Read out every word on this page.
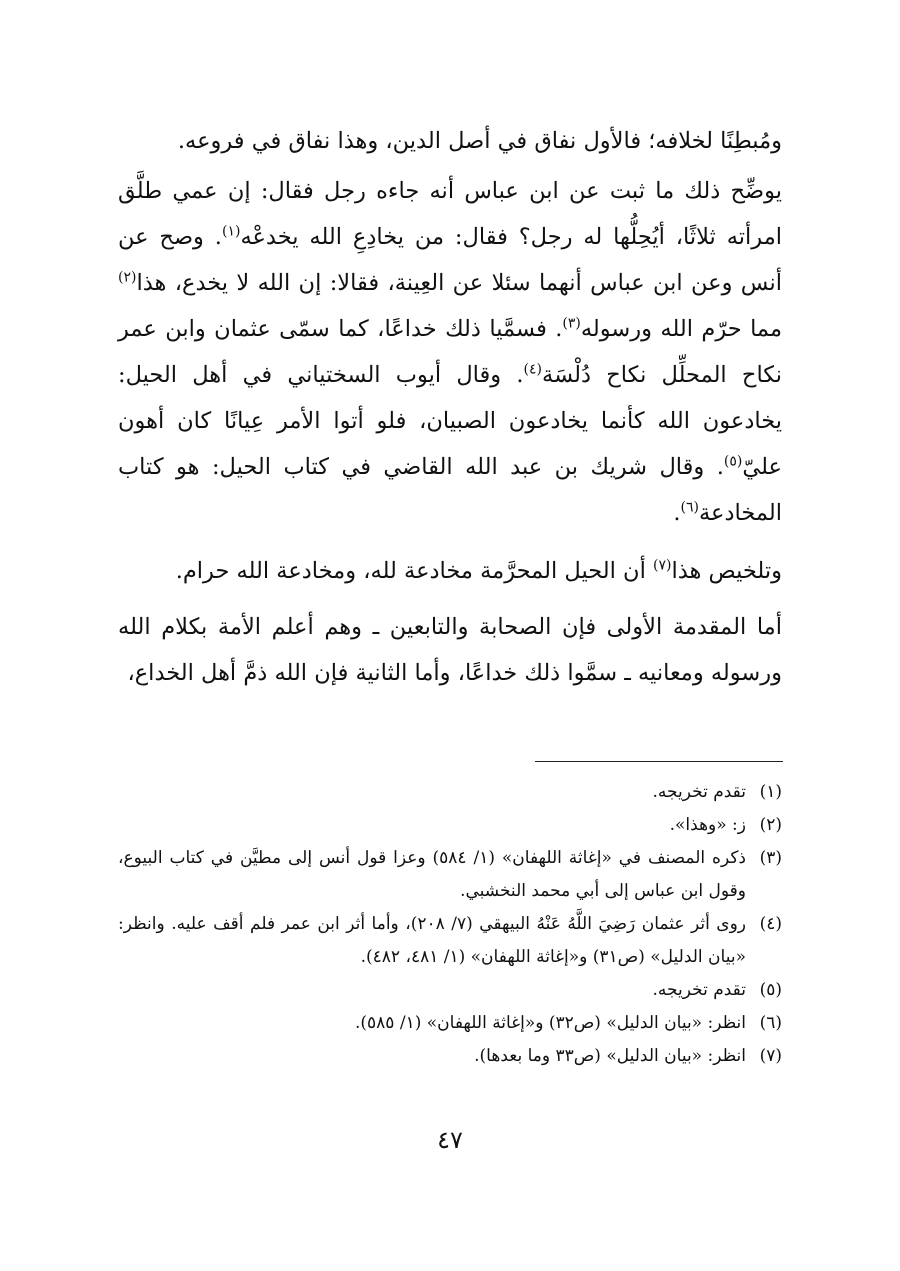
ومُبطِنًا لخلافه؛ فالأول نفاق في أصل الدين، وهذا نفاق في فروعه.

يوضِّح ذلك ما ثبت عن ابن عباس أنه جاءه رجل فقال: إن عمي طلَّق امرأته ثلاثًا، أيُحِلُّها له رجل؟ فقال: من يخادِعِ الله يخدعْه$^{(١)}$. وصح عن أنس وعن ابن عباس أنهما سئلا عن العِينة، فقالا: إن الله لا يخدع، هذا$^{(٢)}$ مما حرّم الله ورسوله$^{(٣)}$. فسمَّيا ذلك خداعًا، كما سمّى عثمان وابن عمر نكاح المحلِّل نكاح دُلْسَة$^{(٤)}$. وقال أيوب السختياني في أهل الحيل: يخادعون الله كأنما يخادعون الصبيان، فلو أتوا الأمر عِيانًا كان أهون عليّ$^{(٥)}$. وقال شريك بن عبد الله القاضي في كتاب الحيل: هو كتاب المخادعة$^{(٦)}$.

وتلخيص هذا$^{(٧)}$ أن الحيل المحرَّمة مخادعة لله، ومخادعة الله حرام.

أما المقدمة الأولى فإن الصحابة والتابعين ـ وهم أعلم الأمة بكلام الله ورسوله ومعانيه ـ سمَّوا ذلك خداعًا، وأما الثانية فإن الله ذمَّ أهل الخداع،

(١)
تقدم تخريجه.
(٢)
ز: «وهذا».
(٣)
ذكره المصنف في «إغاثة اللهفان» (١/ ٥٨٤) وعزا قول أنس إلى مطيَّن في كتاب البيوع، وقول ابن عباس إلى أبي محمد النخشبي.
(٤)
روى أثر عثمان رَضِيَ اللَّهُ عَنْهُ البيهقي (٧/ ٢٠٨)، وأما أثر ابن عمر فلم أقف عليه. وانظر: «بيان الدليل» (ص٣١) و«إغاثة اللهفان» (١/ ٤٨١، ٤٨٢).
(٥)
تقدم تخريجه.
(٦)
انظر: «بيان الدليل» (ص٣٢) و«إغاثة اللهفان» (١/ ٥٨٥).
(٧)
انظر: «بيان الدليل» (ص٣٣ وما بعدها).
٤٧
